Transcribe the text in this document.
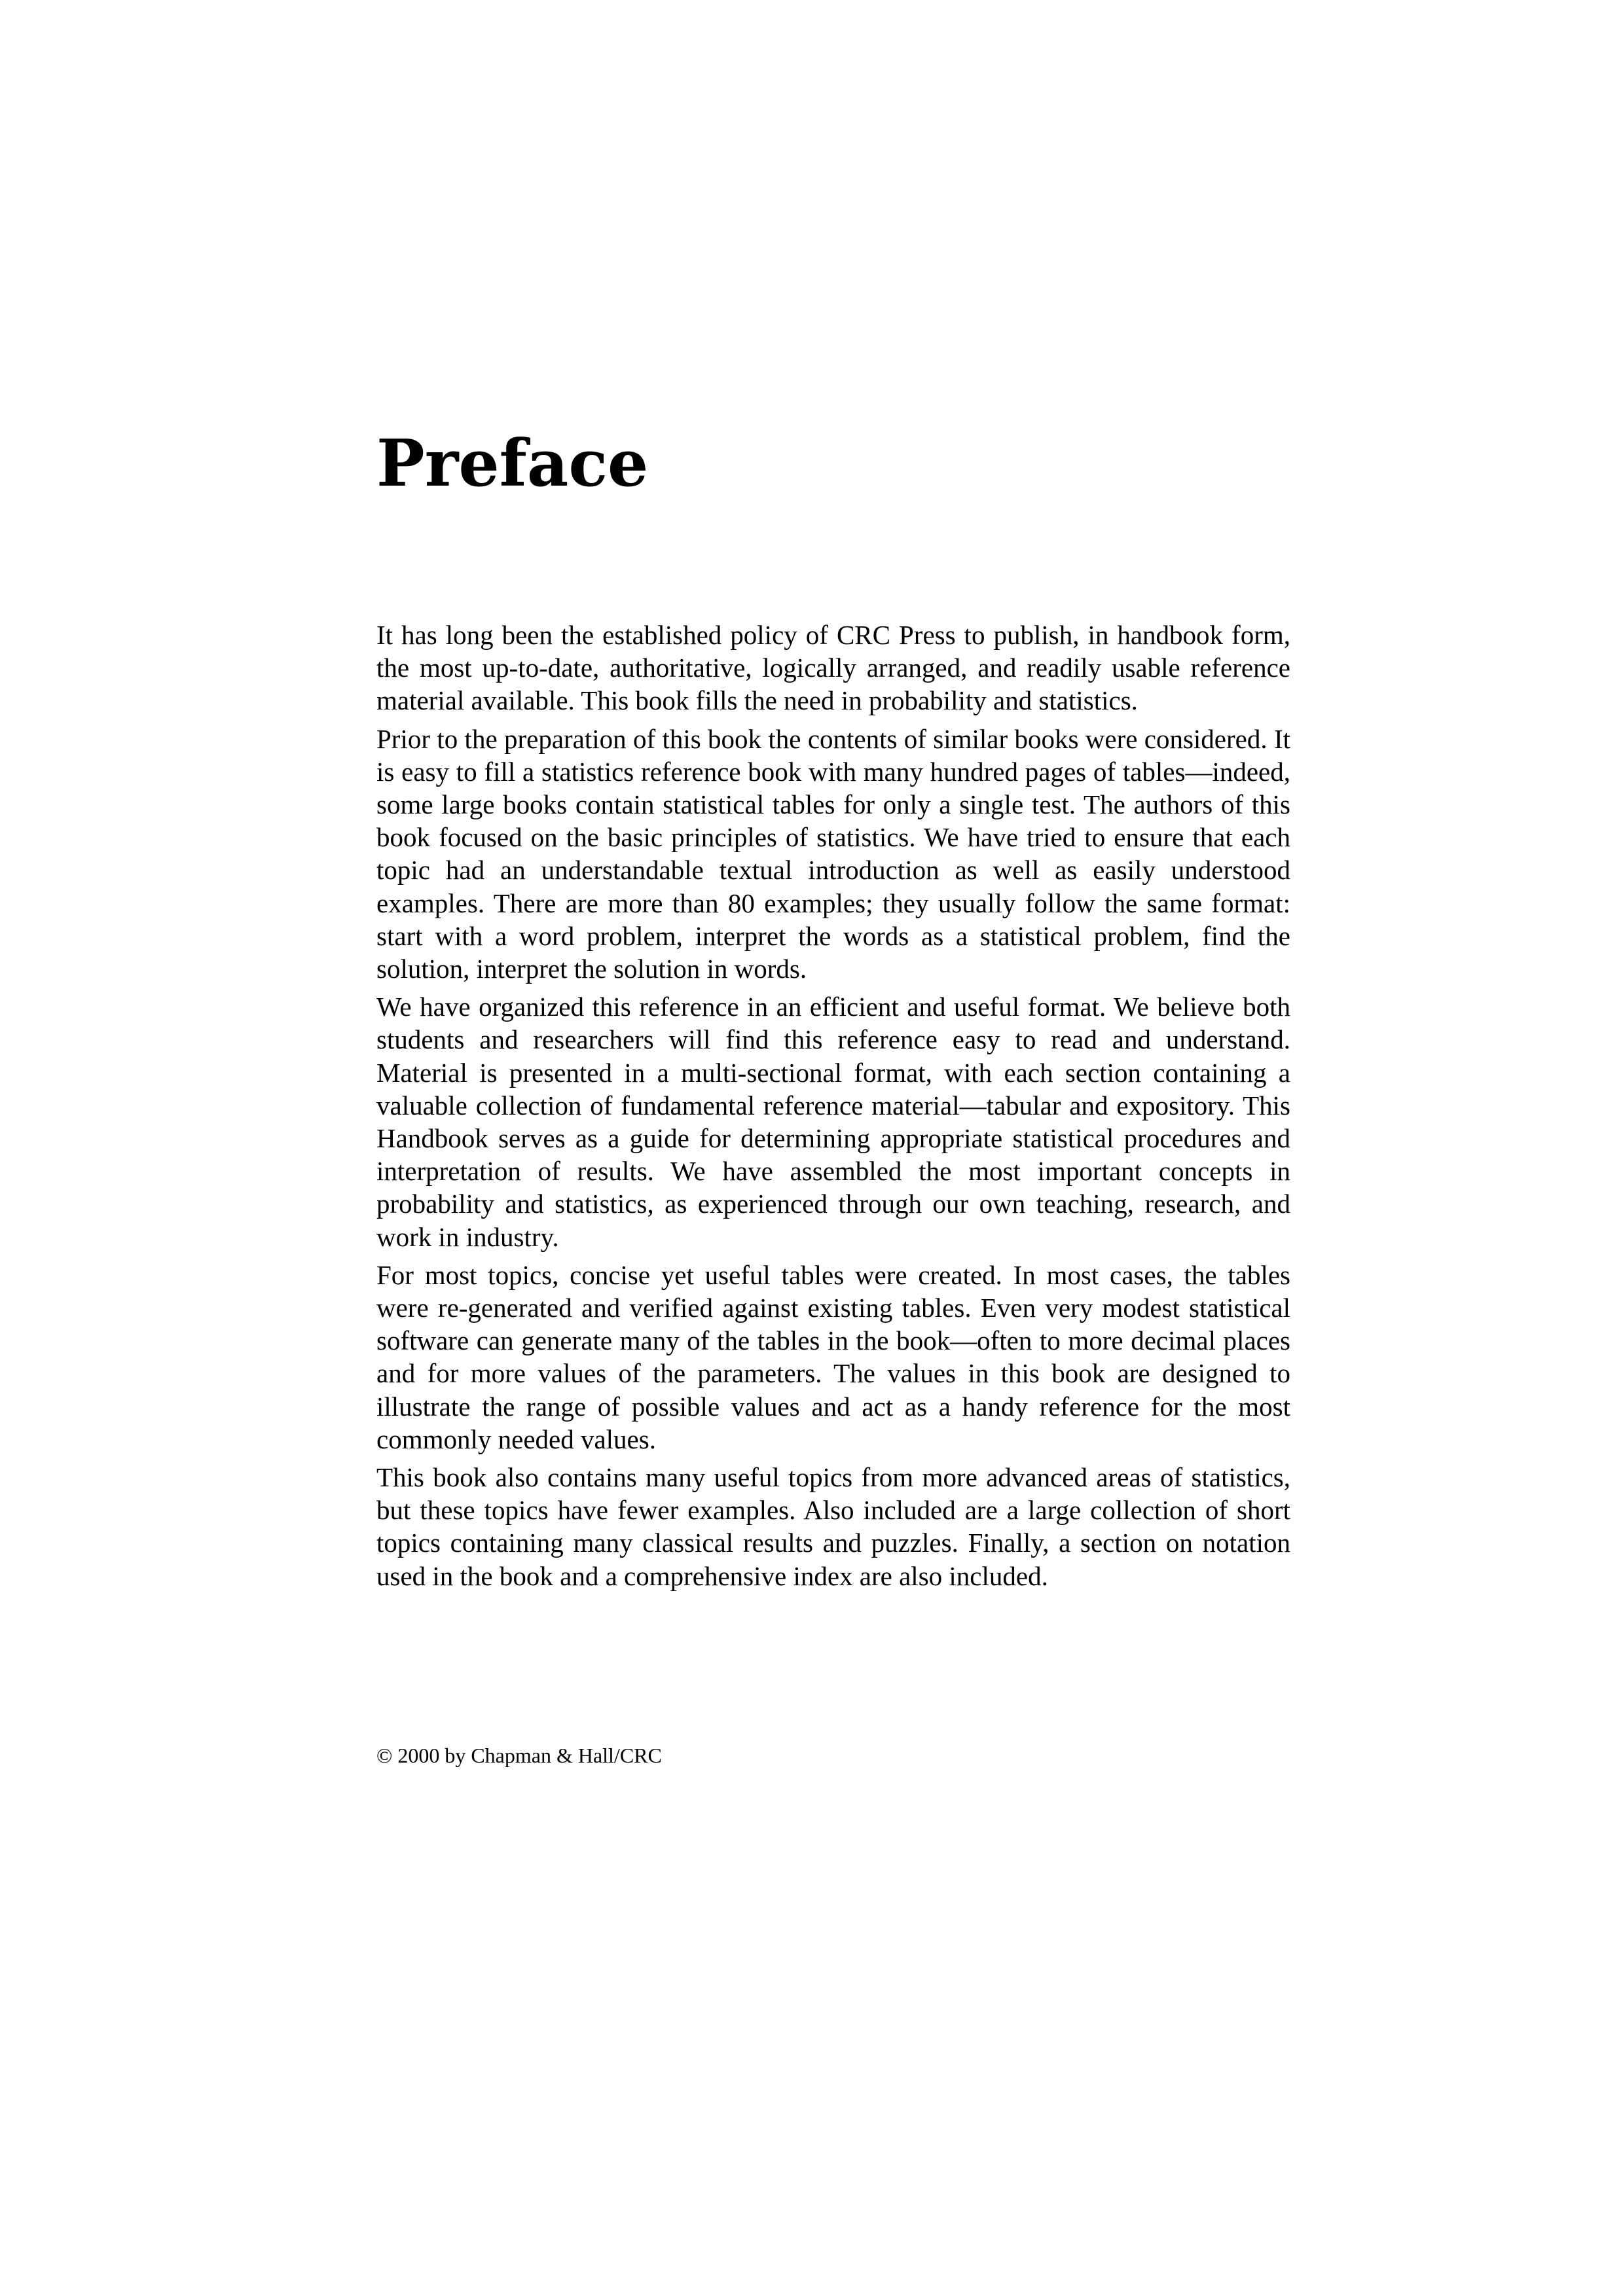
Preface

It has long been the established policy of CRC Press to publish, in handbook form, the most up-to-date, authoritative, logically arranged, and readily usable reference material available. This book fills the need in probability and statistics.

Prior to the preparation of this book the contents of similar books were considered. It is easy to fill a statistics reference book with many hundred pages of tables—indeed, some large books contain statistical tables for only a single test. The authors of this book focused on the basic principles of statistics. We have tried to ensure that each topic had an understandable textual introduction as well as easily understood examples. There are more than 80 examples; they usually follow the same format: start with a word problem, interpret the words as a statistical problem, find the solution, interpret the solution in words.

We have organized this reference in an efficient and useful format. We believe both students and researchers will find this reference easy to read and understand. Material is presented in a multi-sectional format, with each section containing a valuable collection of fundamental reference material—tabular and expository. This Handbook serves as a guide for determining appropriate statistical procedures and interpretation of results. We have assembled the most important concepts in probability and statistics, as experienced through our own teaching, research, and work in industry.

For most topics, concise yet useful tables were created. In most cases, the tables were re-generated and verified against existing tables. Even very modest statistical software can generate many of the tables in the book—often to more decimal places and for more values of the parameters. The values in this book are designed to illustrate the range of possible values and act as a handy reference for the most commonly needed values.

This book also contains many useful topics from more advanced areas of statistics, but these topics have fewer examples. Also included are a large collection of short topics containing many classical results and puzzles. Finally, a section on notation used in the book and a comprehensive index are also included.

© 2000 by Chapman & Hall/CRC
